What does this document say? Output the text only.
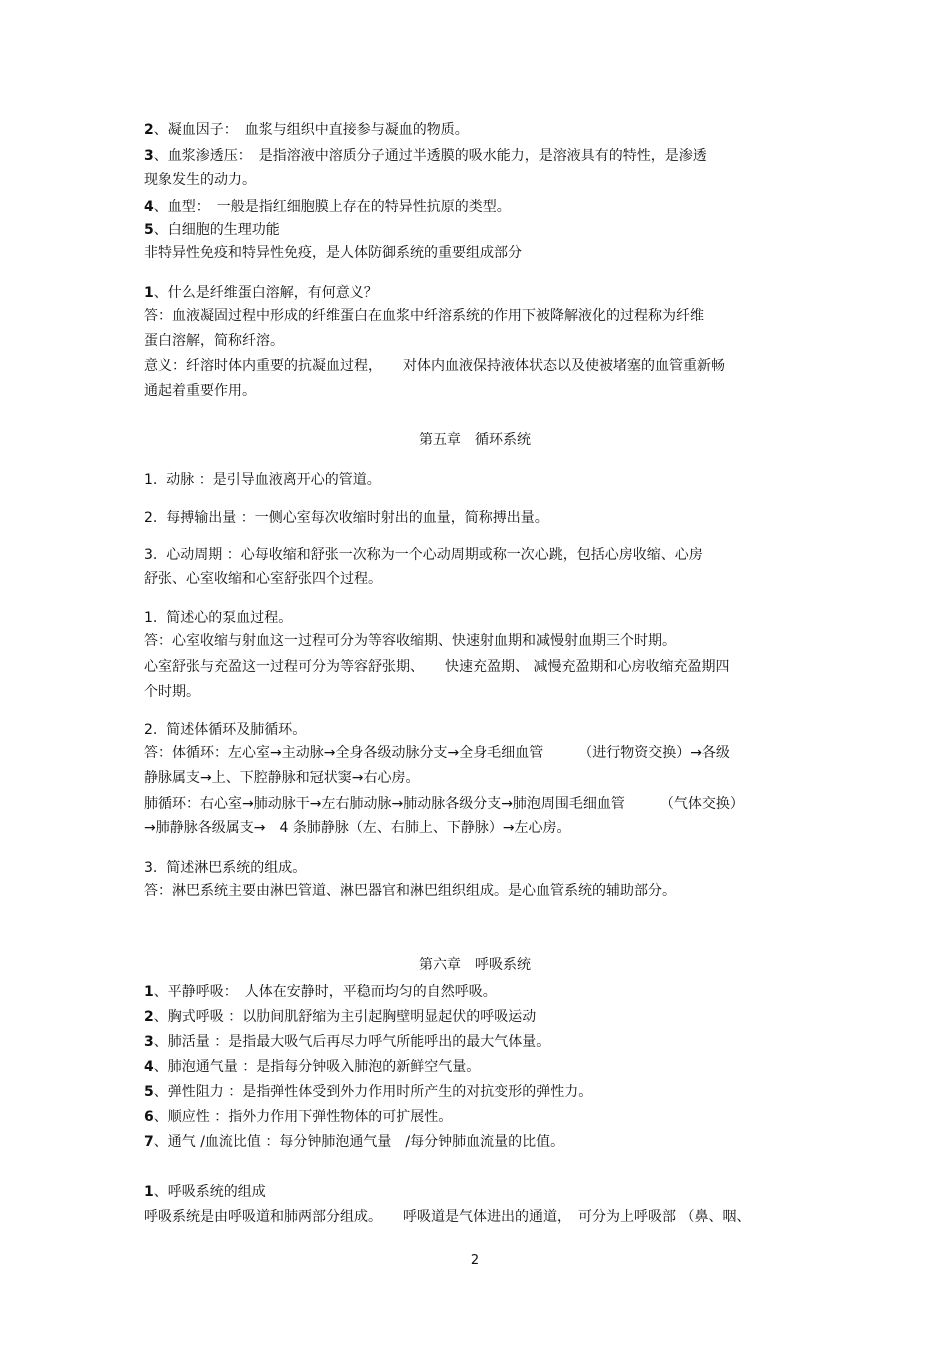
2、凝血因子：　血浆与组织中直接参与凝血的物质。
3、血浆渗透压：　是指溶液中溶质分子通过半透膜的吸水能力，是溶液具有的特性，是渗透
现象发生的动力。
4、血型：　一般是指红细胞膜上存在的特异性抗原的类型。
5、白细胞的生理功能
非特异性免疫和特异性免疫，是人体防御系统的重要组成部分
1、什么是纤维蛋白溶解，有何意义？
答：血液凝固过程中形成的纤维蛋白在血浆中纤溶系统的作用下被降解液化的过程称为纤维
蛋白溶解，简称纤溶。
意义：纤溶时体内重要的抗凝血过程，　　对体内血液保持液体状态以及使被堵塞的血管重新畅
通起着重要作用。
第五章　循环系统
1.  动脉 ：是引导血液离开心的管道。
2.  每搏输出量 ：一侧心室每次收缩时射出的血量，简称搏出量。
3.  心动周期 ：心每收缩和舒张一次称为一个心动周期或称一次心跳，包括心房收缩、心房
舒张、心室收缩和心室舒张四个过程。
1.  简述心的泵血过程。
答：心室收缩与射血这一过程可分为等容收缩期、快速射血期和减慢射血期三个时期。
心室舒张与充盈这一过程可分为等容舒张期、　　快速充盈期、 减慢充盈期和心房收缩充盈期四
个时期。
2.  简述体循环及肺循环。
答：体循环：左心室→主动脉→全身各级动脉分支→全身毛细血管　　　（进行物资交换）→各级
静脉属支→上、下腔静脉和冠状窦→右心房。
肺循环：右心室→肺动脉干→左右肺动脉→肺动脉各级分支→肺泡周围毛细血管　　　（气体交换）
→肺静脉各级属支→　4 条肺静脉（左、右肺上、下静脉）→左心房。
3.  简述淋巴系统的组成。
答：淋巴系统主要由淋巴管道、淋巴器官和淋巴组织组成。是心血管系统的辅助部分。
第六章　呼吸系统
1、平静呼吸：　人体在安静时，平稳而均匀的自然呼吸。
2、胸式呼吸 ：以肋间肌舒缩为主引起胸壁明显起伏的呼吸运动
3、肺活量 ：是指最大吸气后再尽力呼气所能呼出的最大气体量。
4、肺泡通气量 ：是指每分钟吸入肺泡的新鲜空气量。
5、弹性阻力 ：是指弹性体受到外力作用时所产生的对抗变形的弹性力。
6、顺应性 ：指外力作用下弹性物体的可扩展性。
7、通气 /血流比值 ：每分钟肺泡通气量　/每分钟肺血流量的比值。
1、呼吸系统的组成
呼吸系统是由呼吸道和肺两部分组成。　　呼吸道是气体进出的通道，　可分为上呼吸部 （鼻、咽、
2
